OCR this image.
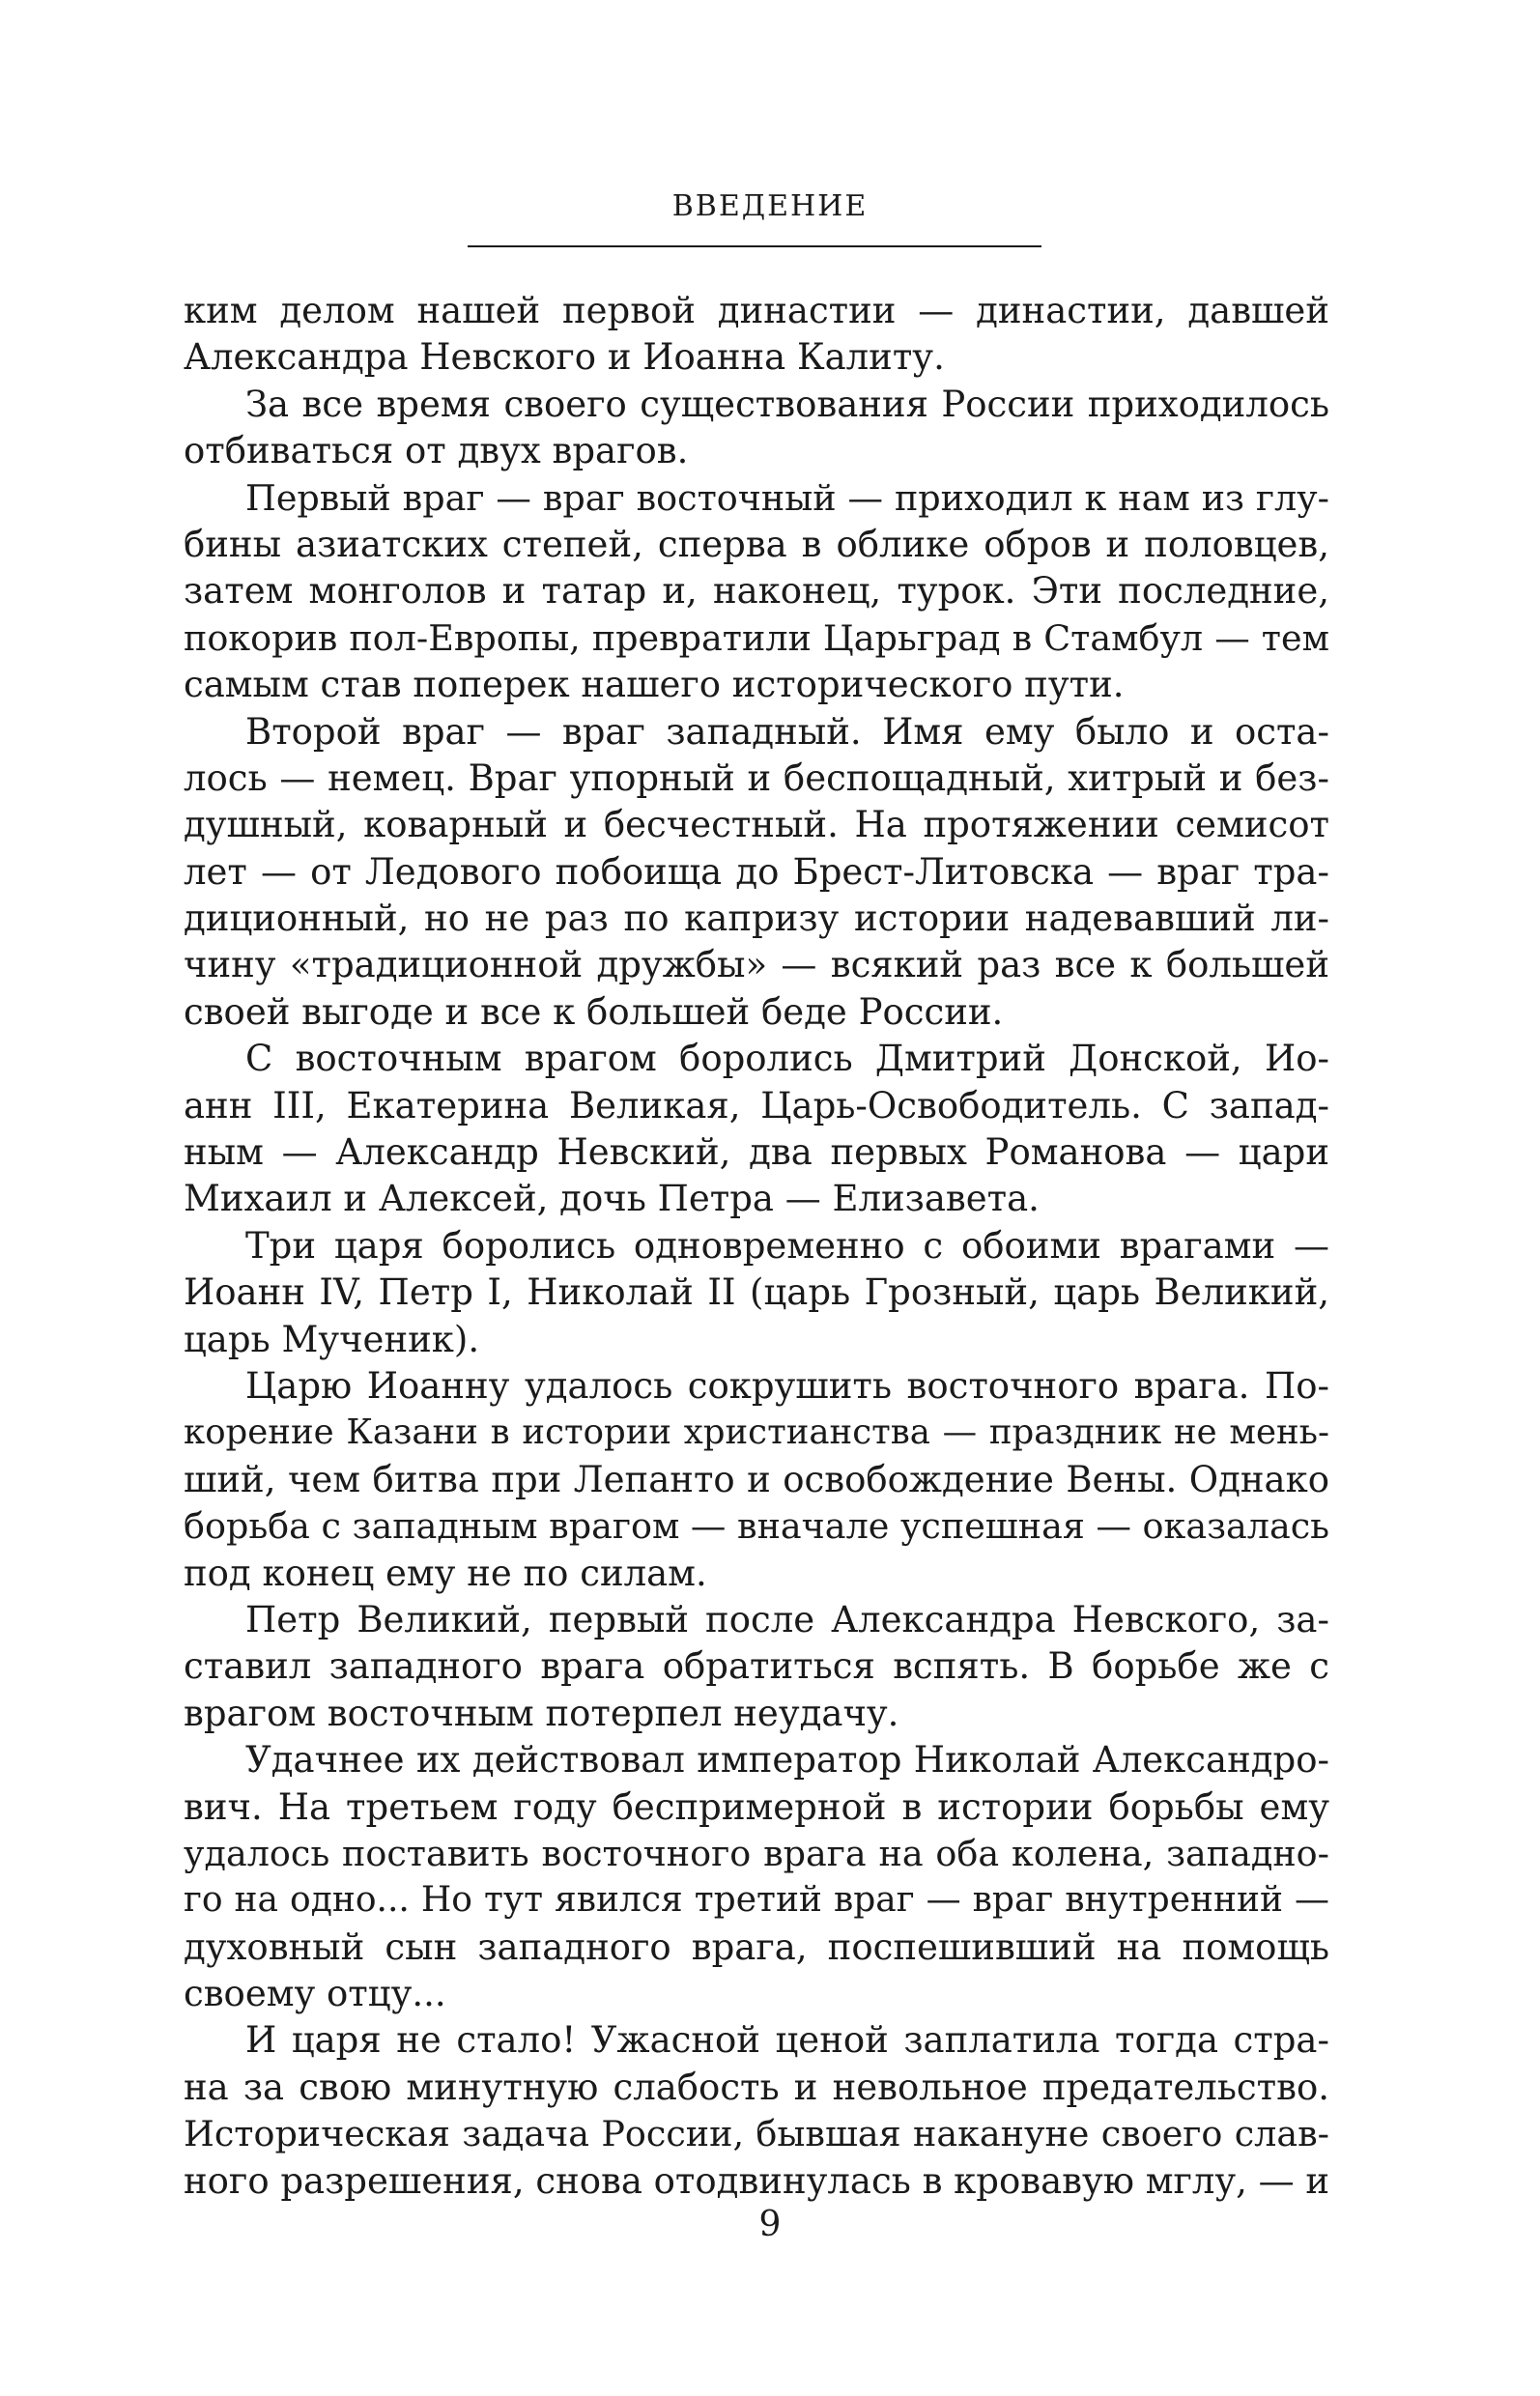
ВВЕДЕНИЕ
ким делом нашей первой династии — династии, давшей
Александра Невского и Иоанна Калиту.
За все время своего существования России приходилось
отбиваться от двух врагов.
Первый враг — враг восточный — приходил к нам из глу-
бины азиатских степей, сперва в облике обров и половцев,
затем монголов и татар и, наконец, турок. Эти последние,
покорив пол-Европы, превратили Царьград в Стамбул — тем
самым став поперек нашего исторического пути.
Второй враг — враг западный. Имя ему было и оста-
лось — немец. Враг упорный и беспощадный, хитрый и без-
душный, коварный и бесчестный. На протяжении семисот
лет — от Ледового побоища до Брест-Литовска — враг тра-
диционный, но не раз по капризу истории надевавший ли-
чину «традиционной дружбы» — всякий раз все к большей
своей выгоде и все к большей беде России.
С восточным врагом боролись Дмитрий Донской, Ио-
анн III, Екатерина Великая, Царь-Освободитель. С запад-
ным — Александр Невский, два первых Романова — цари
Михаил и Алексей, дочь Петра — Елизавета.
Три царя боролись одновременно с обоими врагами —
Иоанн IV, Петр I, Николай II (царь Грозный, царь Великий,
царь Мученик).
Царю Иоанну удалось сокрушить восточного врага. По-
корение Казани в истории христианства — праздник не мень-
ший, чем битва при Лепанто и освобождение Вены. Однако
борьба с западным врагом — вначале успешная — оказалась
под конец ему не по силам.
Петр Великий, первый после Александра Невского, за-
ставил западного врага обратиться вспять. В борьбе же с
врагом восточным потерпел неудачу.
Удачнее их действовал император Николай Александро-
вич. На третьем году беспримерной в истории борьбы ему
удалось поставить восточного врага на оба колена, западно-
го на одно... Но тут явился третий враг — враг внутренний —
духовный сын западного врага, поспешивший на помощь
своему отцу...
И царя не стало! Ужасной ценой заплатила тогда стра-
на за свою минутную слабость и невольное предательство.
Историческая задача России, бывшая накануне своего слав-
ного разрешения, снова отодвинулась в кровавую мглу, — и
9
